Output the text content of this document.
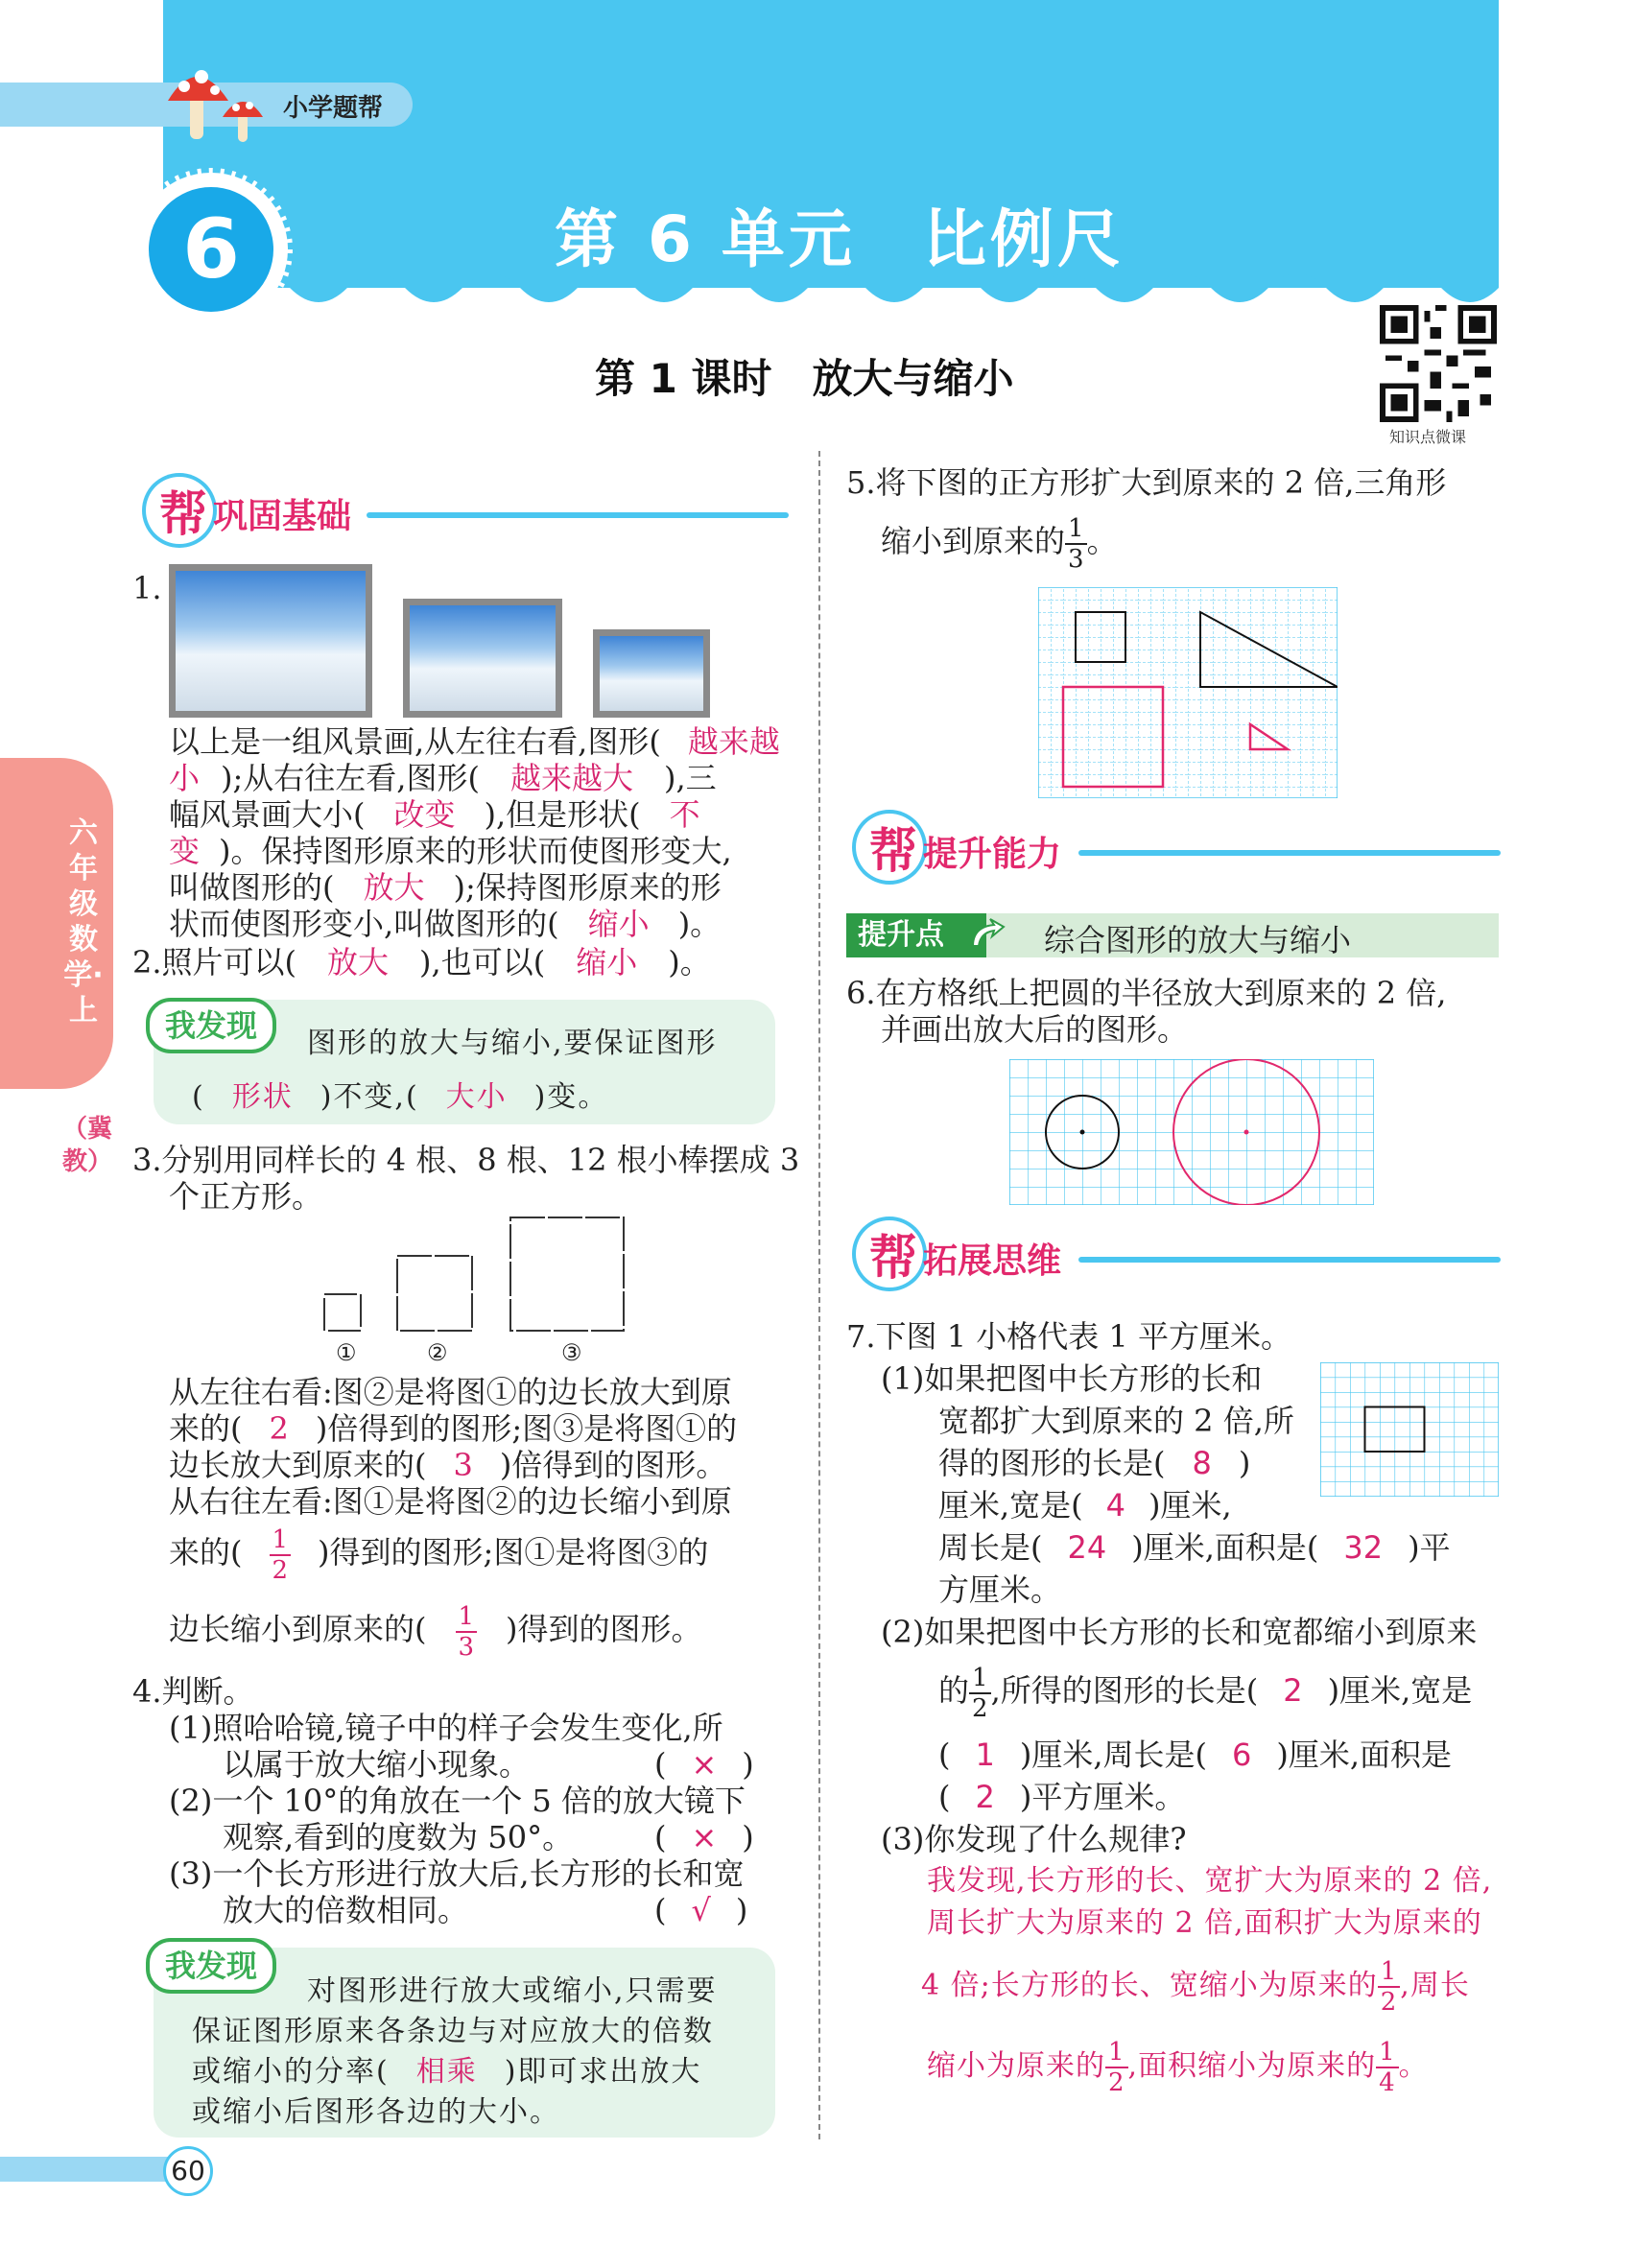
小学题帮
6	第 6 单元　比例尺
第 1 课时　放大与缩小
知识点微课
六年级数学·上
（冀教）
帮 巩固基础
1.
以上是一组风景画,从左往右看,图形( 越来越
小 );从右往左看,图形( 越来越大 ),三
幅风景画大小( 改变 ),但是形状( 不
变 )。保持图形原来的形状而使图形变大,
叫做图形的( 放大 );保持图形原来的形
状而使图形变小,叫做图形的( 缩小 )。
2.照片可以( 放大 ),也可以( 缩小 )。
我发现	图形的放大与缩小,要保证图形
( 形状 )不变,( 大小 )变。
3.分别用同样长的 4 根、8 根、12 根小棒摆成 3
个正方形。
①	②	③
从左往右看:图②是将图①的边长放大到原
来的( 2 )倍得到的图形;图③是将图①的
边长放大到原来的( 3 )倍得到的图形。
从右往左看:图①是将图②的边长缩小到原
来的( $\frac{1}{2}$ )得到的图形;图①是将图③的
边长缩小到原来的( $\frac{1}{3}$ )得到的图形。
4.判断。
(1)照哈哈镜,镜子中的样子会发生变化,所
以属于放大缩小现象。	( × )
(2)一个 10°的角放在一个 5 倍的放大镜下
观察,看到的度数为 50°。	( × )
(3)一个长方形进行放大后,长方形的长和宽
放大的倍数相同。	( √ )
我发现
对图形进行放大或缩小,只需要
保证图形原来各条边与对应放大的倍数
或缩小的分率( 相乘 )即可求出放大
或缩小后图形各边的大小。
5.将下图的正方形扩大到原来的 2 倍,三角形
缩小到原来的 $\frac{1}{3}$ 。
帮 提升能力
提升点	综合图形的放大与缩小
6.在方格纸上把圆的半径放大到原来的 2 倍,
并画出放大后的图形。
帮 拓展思维
7.下图 1 小格代表 1 平方厘米。
(1)如果把图中长方形的长和
宽都扩大到原来的 2 倍,所
得的图形的长是( 8 )
厘米,宽是( 4 )厘米,
周长是( 24 )厘米,面积是( 32 )平
方厘米。
(2)如果把图中长方形的长和宽都缩小到原来
的 $\frac{1}{2}$ ,所得的图形的长是( 2 )厘米,宽是
( 1 )厘米,周长是( 6 )厘米,面积是
( 2 )平方厘米。
(3)你发现了什么规律?
我发现,长方形的长、宽扩大为原来的 2 倍,
周长扩大为原来的 2 倍,面积扩大为原来的
4 倍;长方形的长、宽缩小为原来的 $\frac{1}{2}$ ,周长
缩小为原来的 $\frac{1}{2}$ ,面积缩小为原来的 $\frac{1}{4}$ 。
60
